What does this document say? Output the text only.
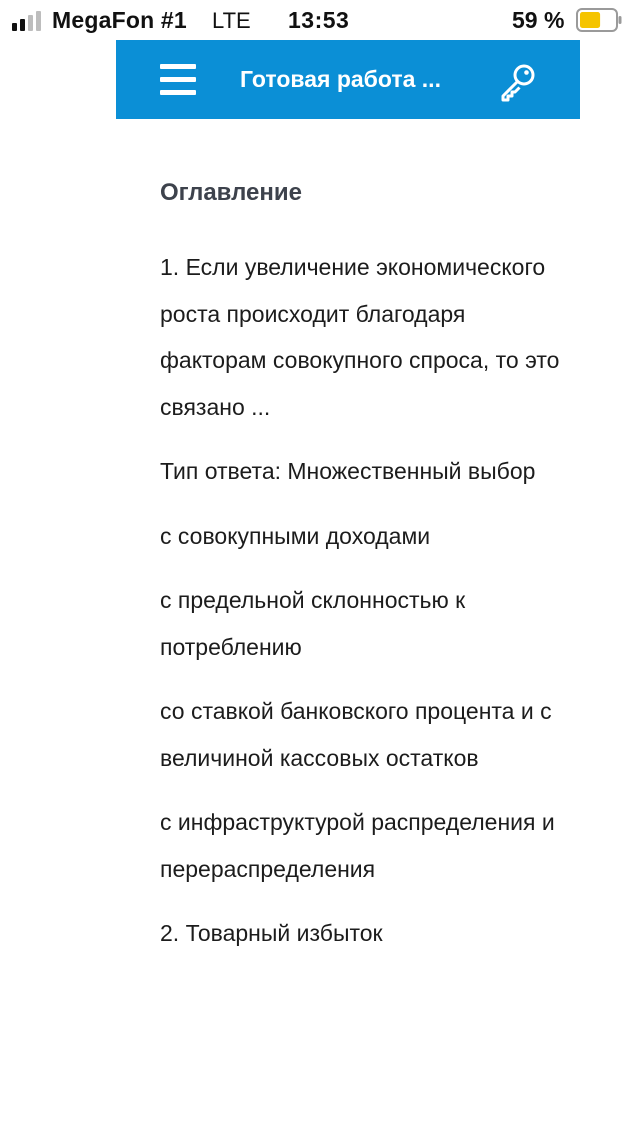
MegaFon #1 LTE 13:53	59 %
Готовая работа ...
Оглавление

1. Если увеличение экономического роста происходит благодаря факторам совокупного спроса, то это связано ...

Тип ответа: Множественный выбор

с совокупными доходами

с предельной склонностью к потреблению

со ставкой банковского процента и с величиной кассовых остатков

с инфраструктурой распределения и перераспределения

2. Товарный избыток
